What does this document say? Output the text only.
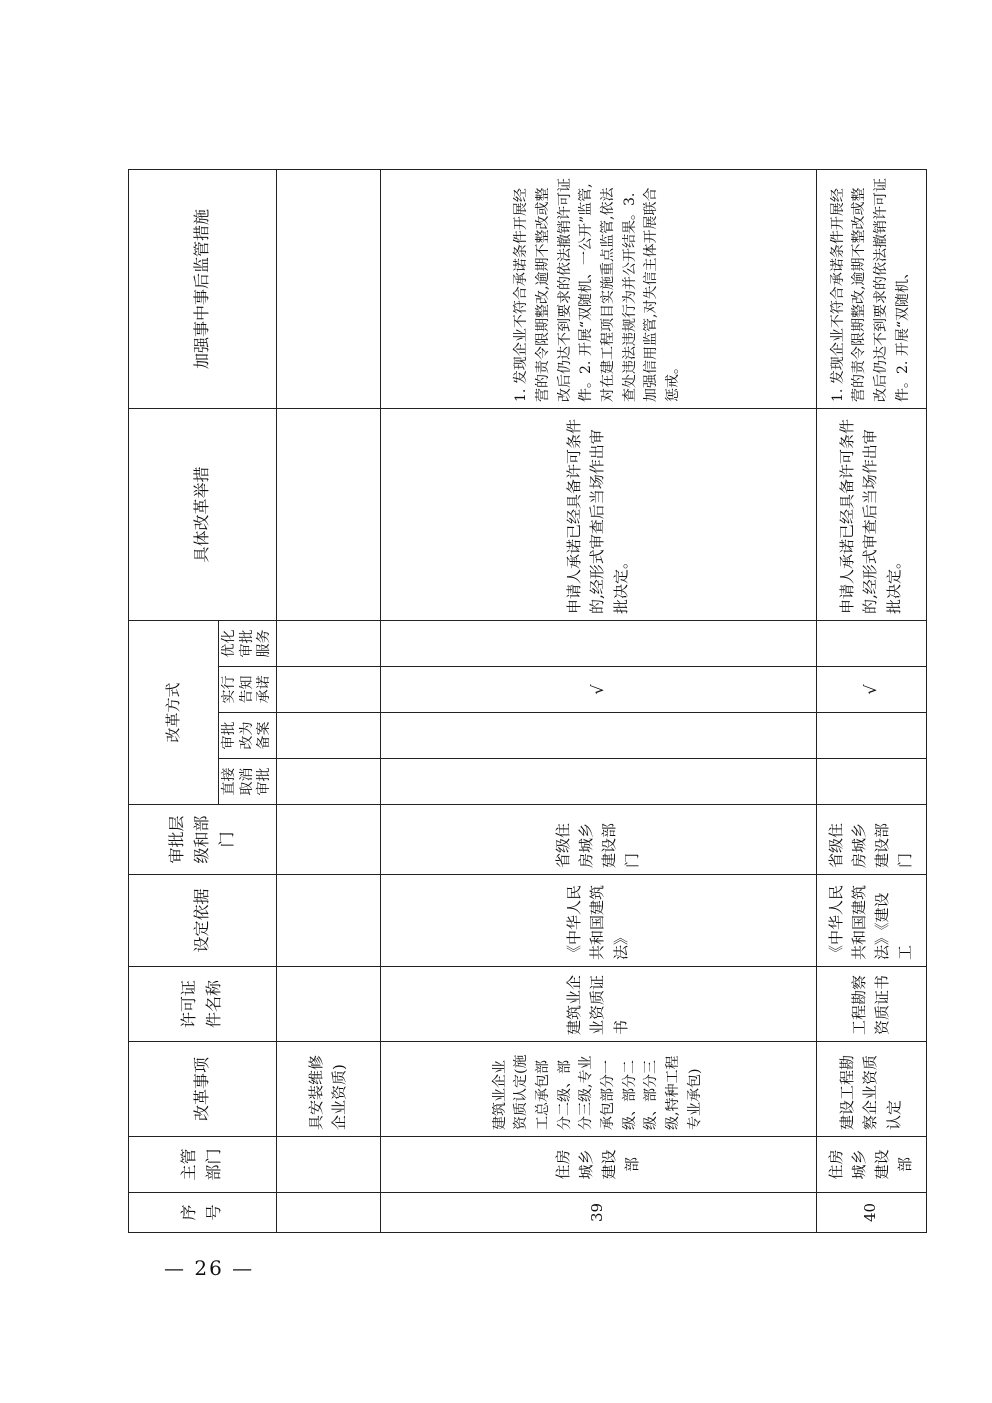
序号	主管部门	改革事项	许可证件名称	设定依据	审批层级和部门	改革方式				具体改革举措	加强事中事后监管措施
						直接取消审批	审批改为备案	实行告知承诺	优化审批服务		
		具安装维修企业资质)									
39	住房城乡建设部	建筑业企业资质认定(施工总承包部分二级、部分三级,专业承包部分一级、部分二级、部分三级,特种工程专业承包)	建筑业企业资质证书	《中华人民共和国建筑法》	省级住房城乡建设部门			√		申请人承诺已经具备许可条件的,经形式审查后当场作出审批决定。	1. 发现企业不符合承诺条件开展经营的责令限期整改,逾期不整改或整改后仍达不到要求的依法撤销许可证件。2. 开展“双随机、一公开”监管,对在建工程项目实施重点监管,依法查处违法违规行为并公开结果。3. 加强信用监管,对失信主体开展联合惩戒。
40	住房城乡建设部	建设工程勘察企业资质认定	工程勘察资质证书	《中华人民共和国建筑法》《建设工	省级住房城乡建设部门			√		申请人承诺已经具备许可条件的,经形式审查后当场作出审批决定。	1. 发现企业不符合承诺条件开展经营的责令限期整改,逾期不整改或整改后仍达不到要求的依法撤销许可证件。2. 开展“双随机、
— 26 —
